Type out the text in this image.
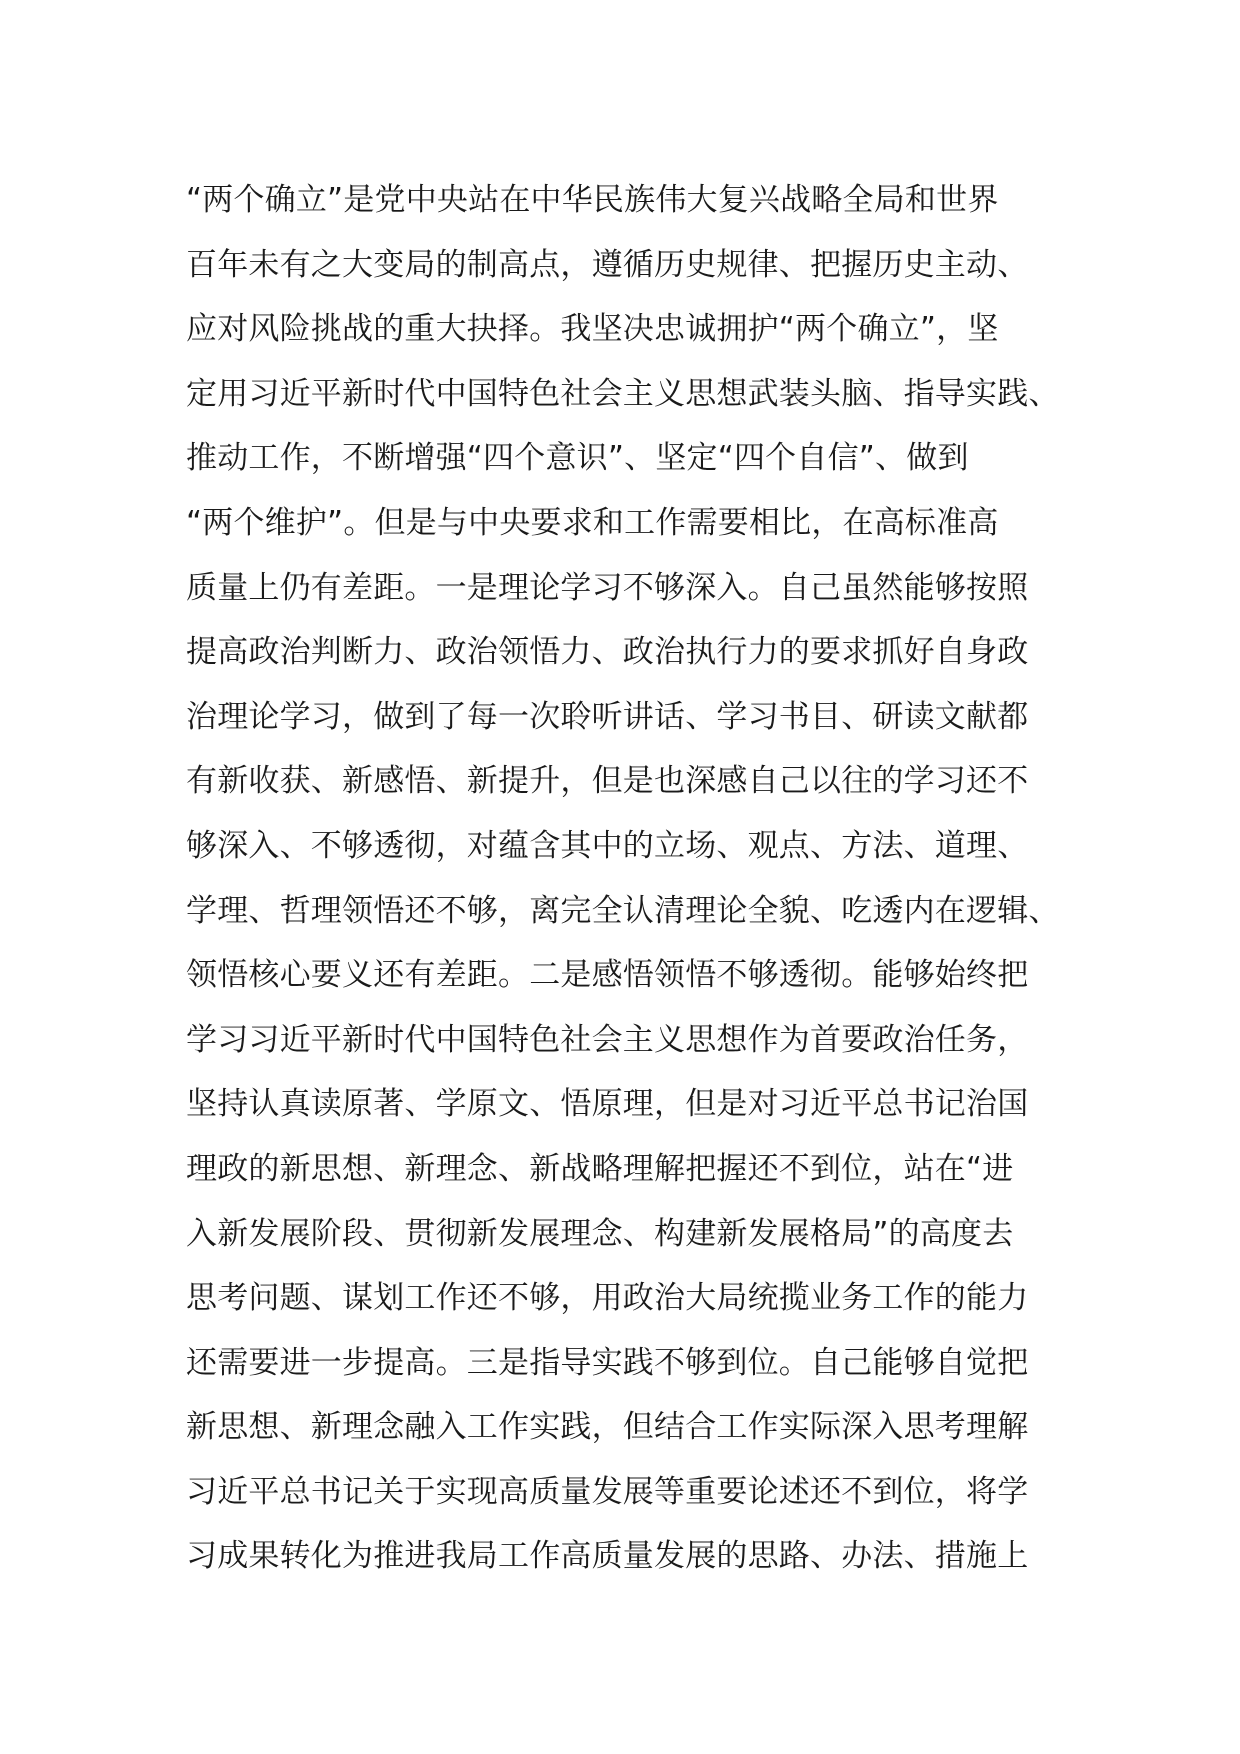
“两个确立”是党中央站在中华民族伟大复兴战略全局和世界
百年未有之大变局的制高点，遵循历史规律、把握历史主动、
应对风险挑战的重大抉择。我坚决忠诚拥护“两个确立”，坚
定用习近平新时代中国特色社会主义思想武装头脑、指导实践、
推动工作，不断增强“四个意识”、坚定“四个自信”、做到
“两个维护”。但是与中央要求和工作需要相比，在高标准高
质量上仍有差距。一是理论学习不够深入。自己虽然能够按照
提高政治判断力、政治领悟力、政治执行力的要求抓好自身政
治理论学习，做到了每一次聆听讲话、学习书目、研读文献都
有新收获、新感悟、新提升，但是也深感自己以往的学习还不
够深入、不够透彻，对蕴含其中的立场、观点、方法、道理、
学理、哲理领悟还不够，离完全认清理论全貌、吃透内在逻辑、
领悟核心要义还有差距。二是感悟领悟不够透彻。能够始终把
学习习近平新时代中国特色社会主义思想作为首要政治任务，
坚持认真读原著、学原文、悟原理，但是对习近平总书记治国
理政的新思想、新理念、新战略理解把握还不到位，站在“进
入新发展阶段、贯彻新发展理念、构建新发展格局”的高度去
思考问题、谋划工作还不够，用政治大局统揽业务工作的能力
还需要进一步提高。三是指导实践不够到位。自己能够自觉把
新思想、新理念融入工作实践，但结合工作实际深入思考理解
习近平总书记关于实现高质量发展等重要论述还不到位，将学
习成果转化为推进我局工作高质量发展的思路、办法、措施上
